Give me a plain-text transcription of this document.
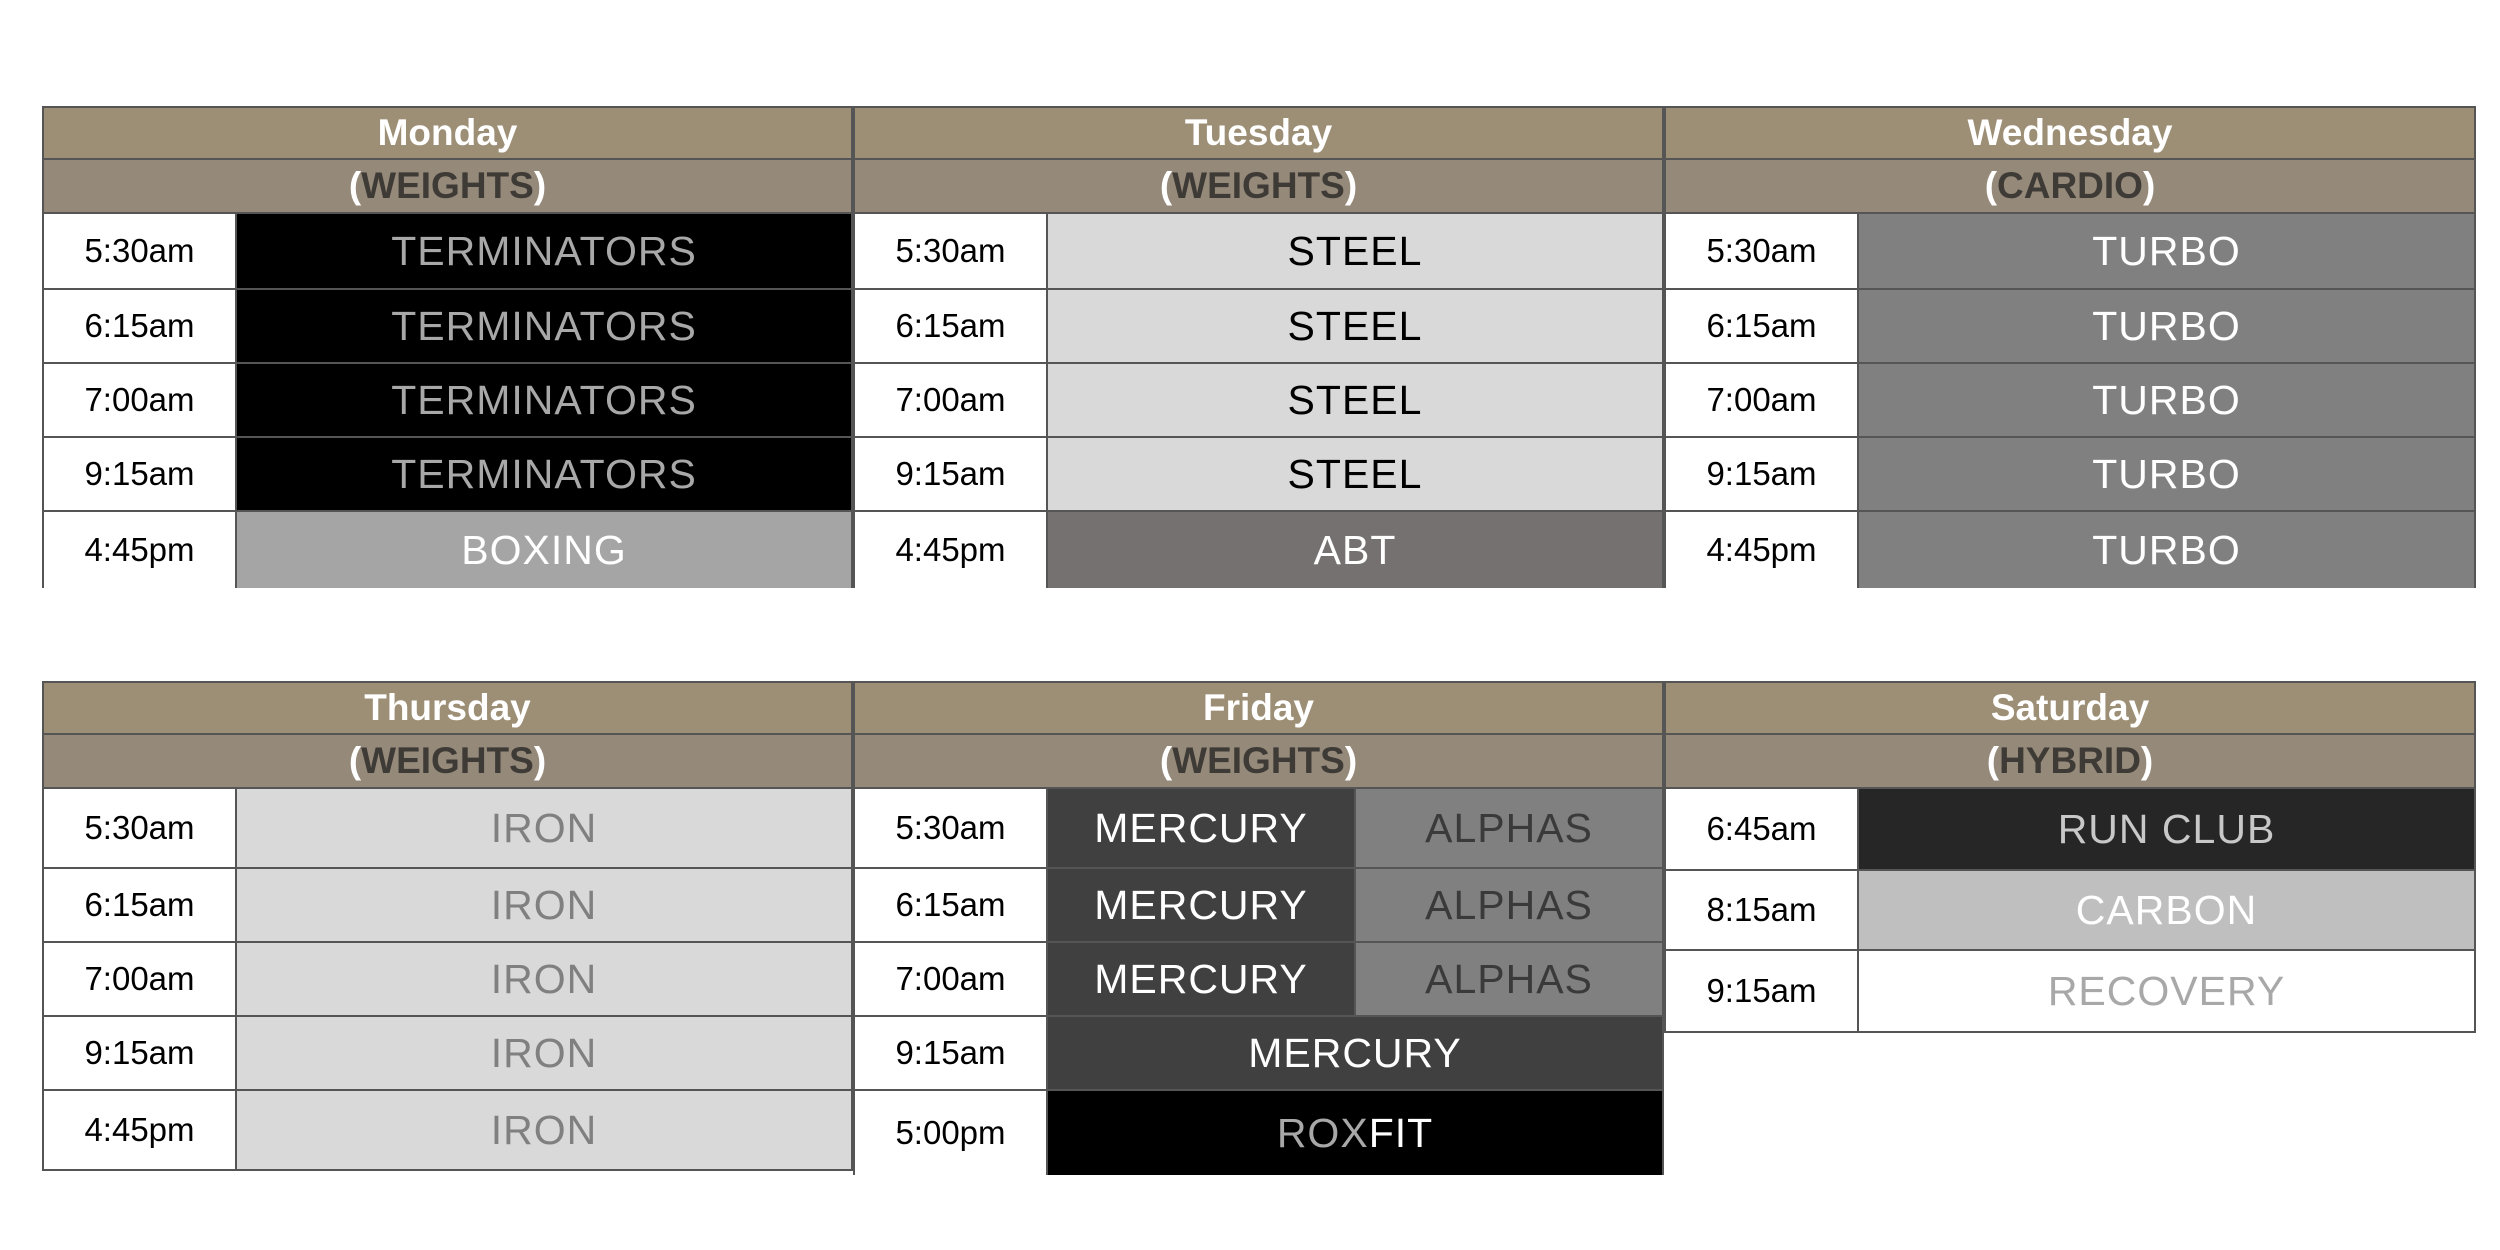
Monday
( WEIGHTS )
5:30am	TERMINATORS
6:15am	TERMINATORS
7:00am	TERMINATORS
9:15am	TERMINATORS
4:45pm	BOXING
Tuesday
( WEIGHTS )
5:30am	STEEL
6:15am	STEEL
7:00am	STEEL
9:15am	STEEL
4:45pm	ABT
Wednesday
( CARDIO )
5:30am	TURBO
6:15am	TURBO
7:00am	TURBO
9:15am	TURBO
4:45pm	TURBO
Thursday
( WEIGHTS )
5:30am	IRON
6:15am	IRON
7:00am	IRON
9:15am	IRON
4:45pm	IRON
Friday
( WEIGHTS )
5:30am	MERCURY	ALPHAS
6:15am	MERCURY	ALPHAS
7:00am	MERCURY	ALPHAS
9:15am	MERCURY
5:00pm	ROX FIT
Saturday
( HYBRID )
6:45am	RUN CLUB
8:15am	CARBON
9:15am	RECOVERY
